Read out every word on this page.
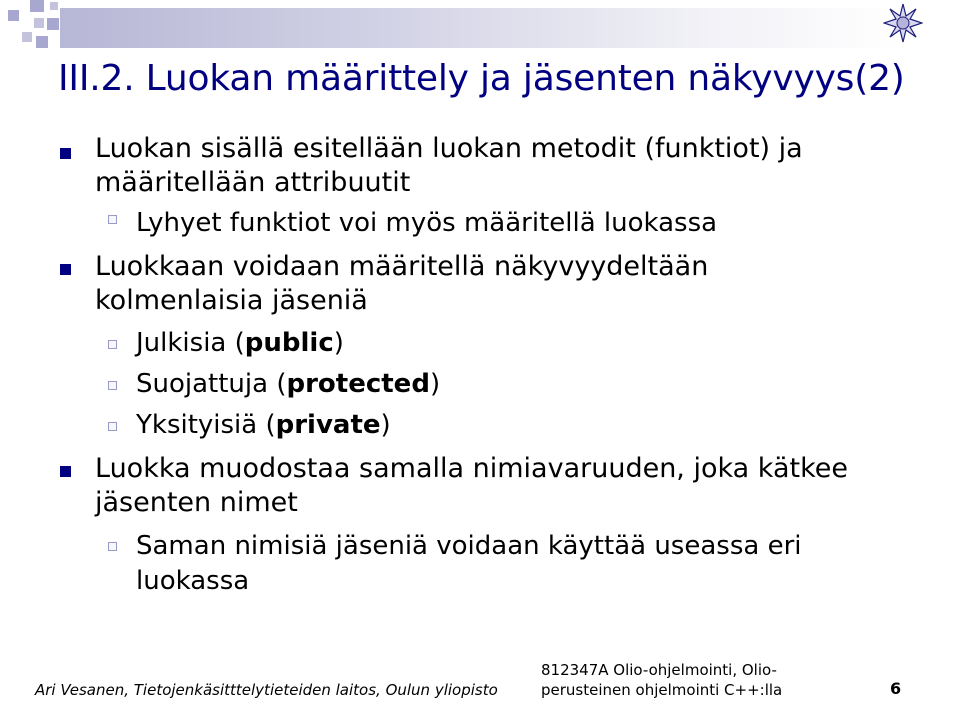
III.2. Luokan määrittely ja jäsenten näkyvyys(2)
Luokan sisällä esitellään luokan metodit (funktiot) ja
määritellään attribuutit
Lyhyet funktiot voi myös määritellä luokassa
Luokkaan voidaan määritellä näkyvyydeltään
kolmenlaisia jäseniä
Julkisia (public)
Suojattuja (protected)
Yksityisiä (private)
Luokka muodostaa samalla nimiavaruuden, joka kätkee
jäsenten nimet
Saman nimisiä jäseniä voidaan käyttää useassa eri
luokassa
Ari Vesanen, Tietojenkäsitttelytieteiden laitos, Oulun yliopisto
812347A Olio-ohjelmointi, Olio-
perusteinen ohjelmointi C++:lla	6
